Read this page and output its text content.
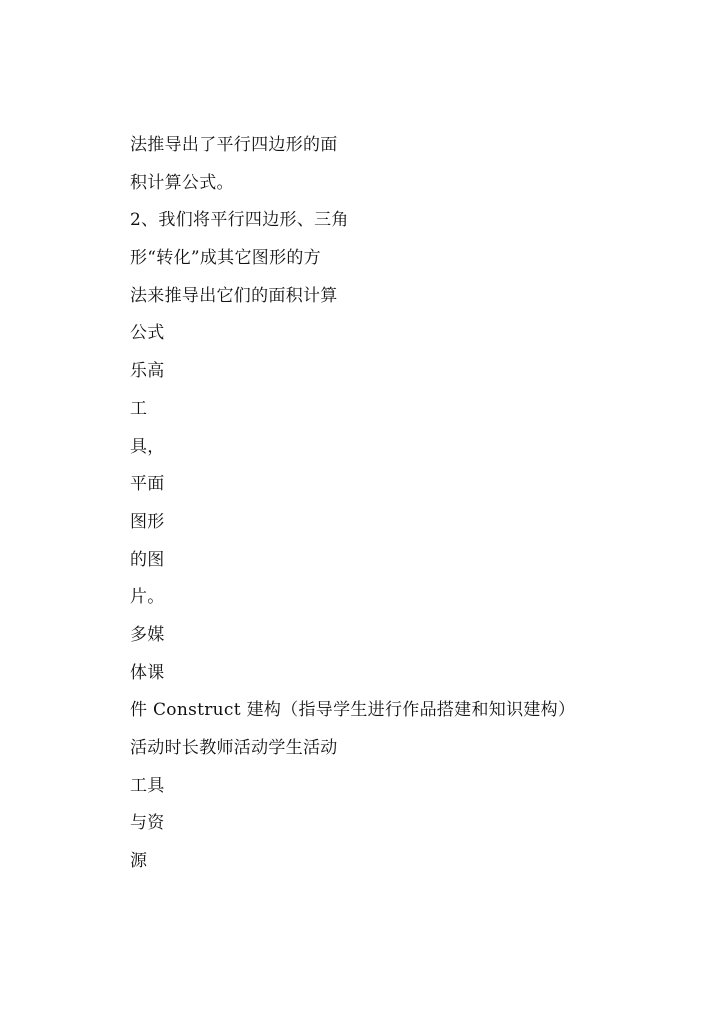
法推导出了平行四边形的面
积计算公式。
2、我们将平行四边形、三角
形“转化”成其它图形的方
法来推导出它们的面积计算
公式
乐高
工
具，
平面
图形
的图
片。
多媒
体课
件 Construct 建构（指导学生进行作品搭建和知识建构）
活动时长教师活动学生活动
工具
与资
源
